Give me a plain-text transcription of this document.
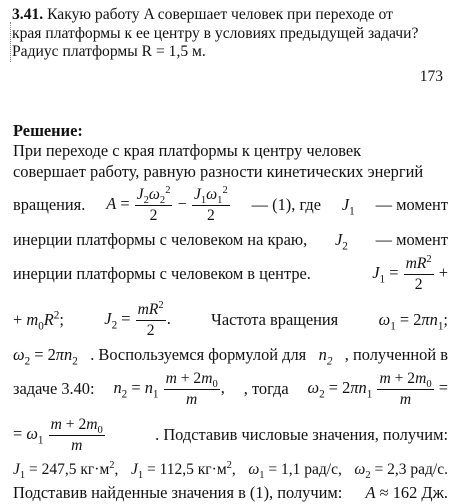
3.41. Какую работу A совершает человек при переходе от
края платформы к ее центру в условиях предыдущей задачи?
Радиус платформы R = 1,5 м.
173
Решение:
При переходе с края платформы к центру человек
совершает работу, равную разности кинетических энергий
вращения. $A = \frac{J_2\omega_2^2}{2} - \frac{J_1\omega_1^2}{2}$ — (1), где $J_1$ — момент
инерции платформы с человеком на краю, $J_2$ — момент
инерции платформы с человеком в центре.	$J_1 = \frac{mR^2}{2}$ +
+ $m_0R^2$; $J_2 = \frac{mR^2}{2}$ . Частота вращения $\omega_1 = 2\pi n_1$;
$\omega_2 = 2\pi n_2$ . Воспользуемся формулой для $n_2$ , полученной в
задаче 3.40: $n_2 = n_1 \frac{m + 2m_0}{m}$ , , тогда $\omega_2 = 2\pi n_1 \frac{m + 2m_0}{m}$ =
= $\omega_1 \frac{m + 2m_0}{m}$	. Подставив числовые значения, получим:
$J_1 = 247,5$ $кг\cdot м^2$, $J_1 = 112,5$ $кг\cdot м^2$, $\omega_1 = 1,1$ рад/с, $\omega_2 = 2,3$ рад/с.
Подставив найденные значения в (1), получим: A ≈ 162 Дж.
